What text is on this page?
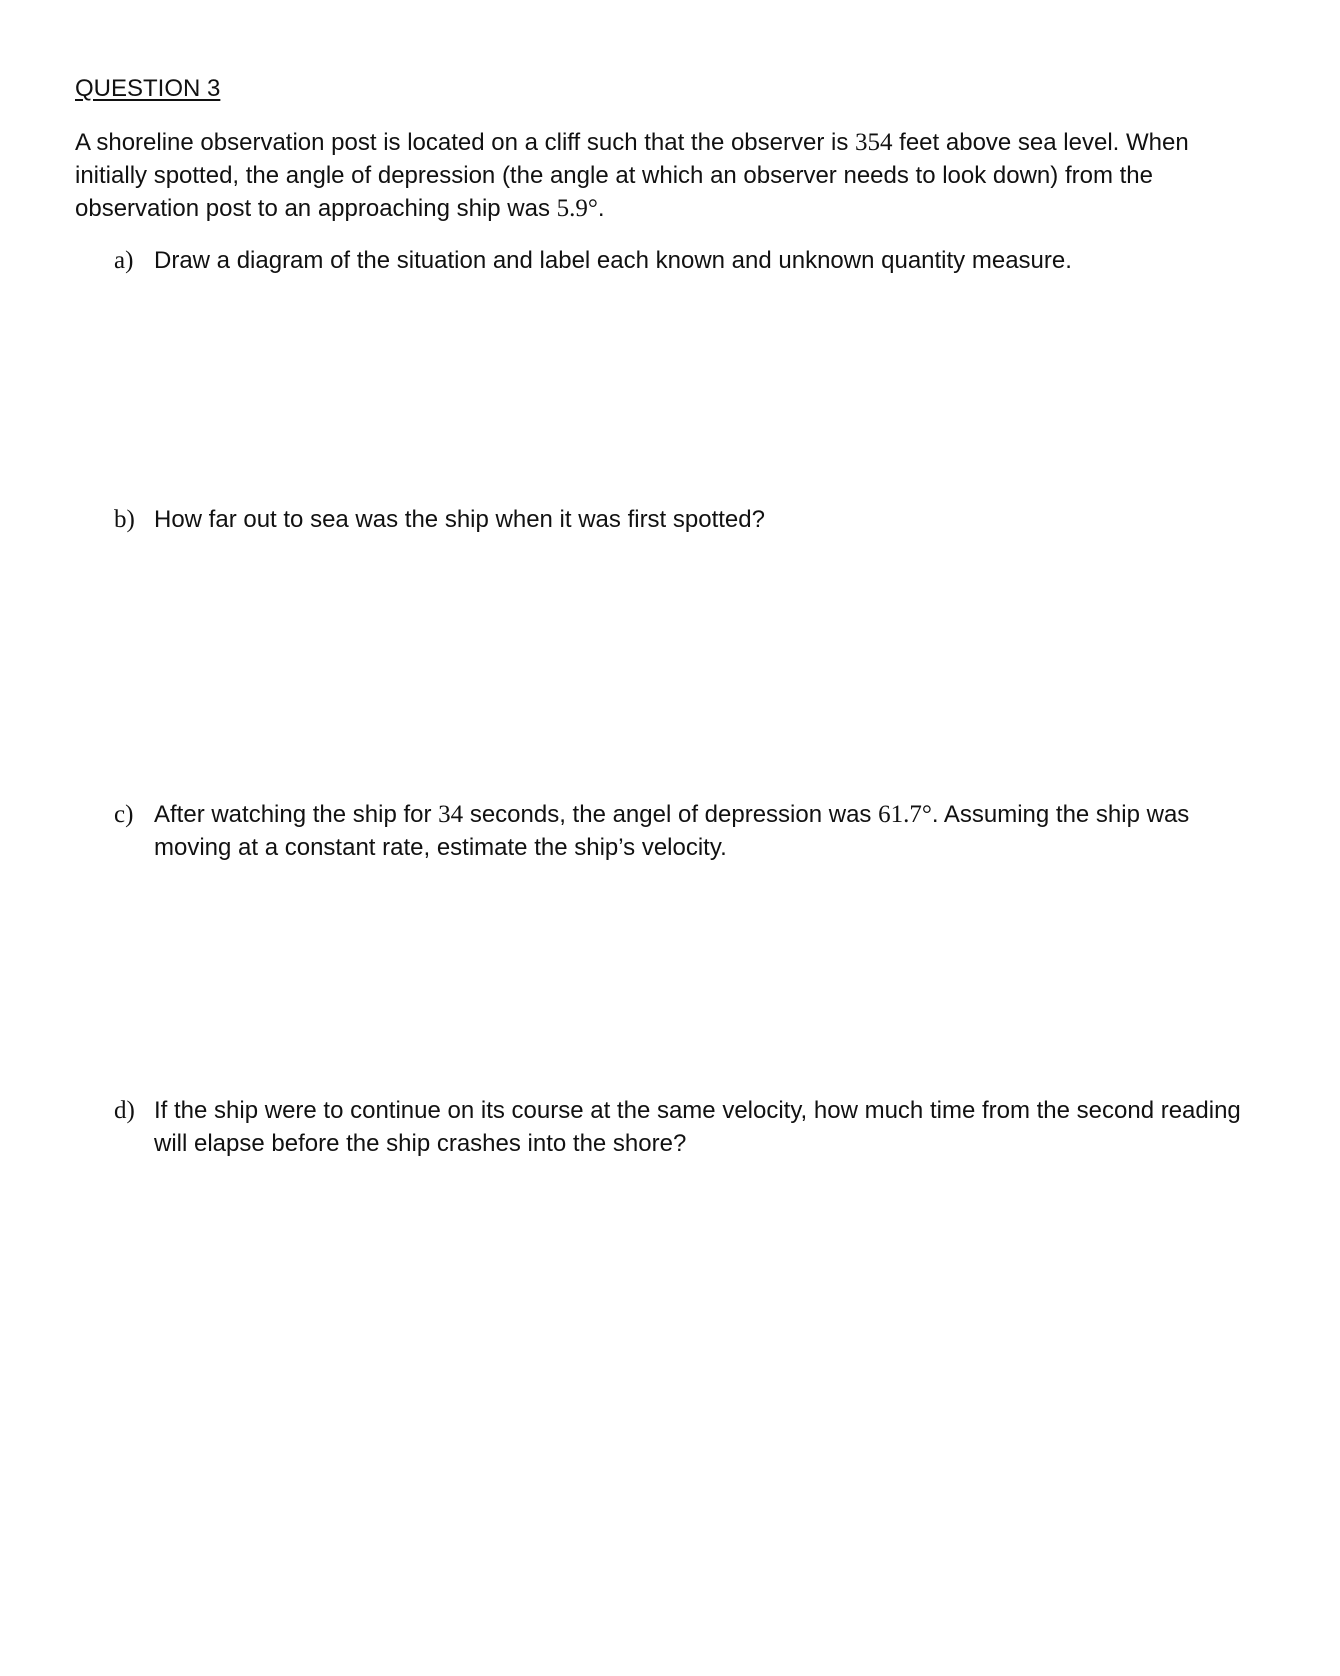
QUESTION 3

A shoreline observation post is located on a cliff such that the observer is 354 feet above sea level. When initially spotted, the angle of depression (the angle at which an observer needs to look down) from the observation post to an approaching ship was 5.9°.

a) Draw a diagram of the situation and label each known and unknown quantity measure.
b) How far out to sea was the ship when it was first spotted?
c) After watching the ship for 34 seconds, the angel of depression was 61.7°. Assuming the ship was moving at a constant rate, estimate the ship’s velocity.
d) If the ship were to continue on its course at the same velocity, how much time from the second reading will elapse before the ship crashes into the shore?
